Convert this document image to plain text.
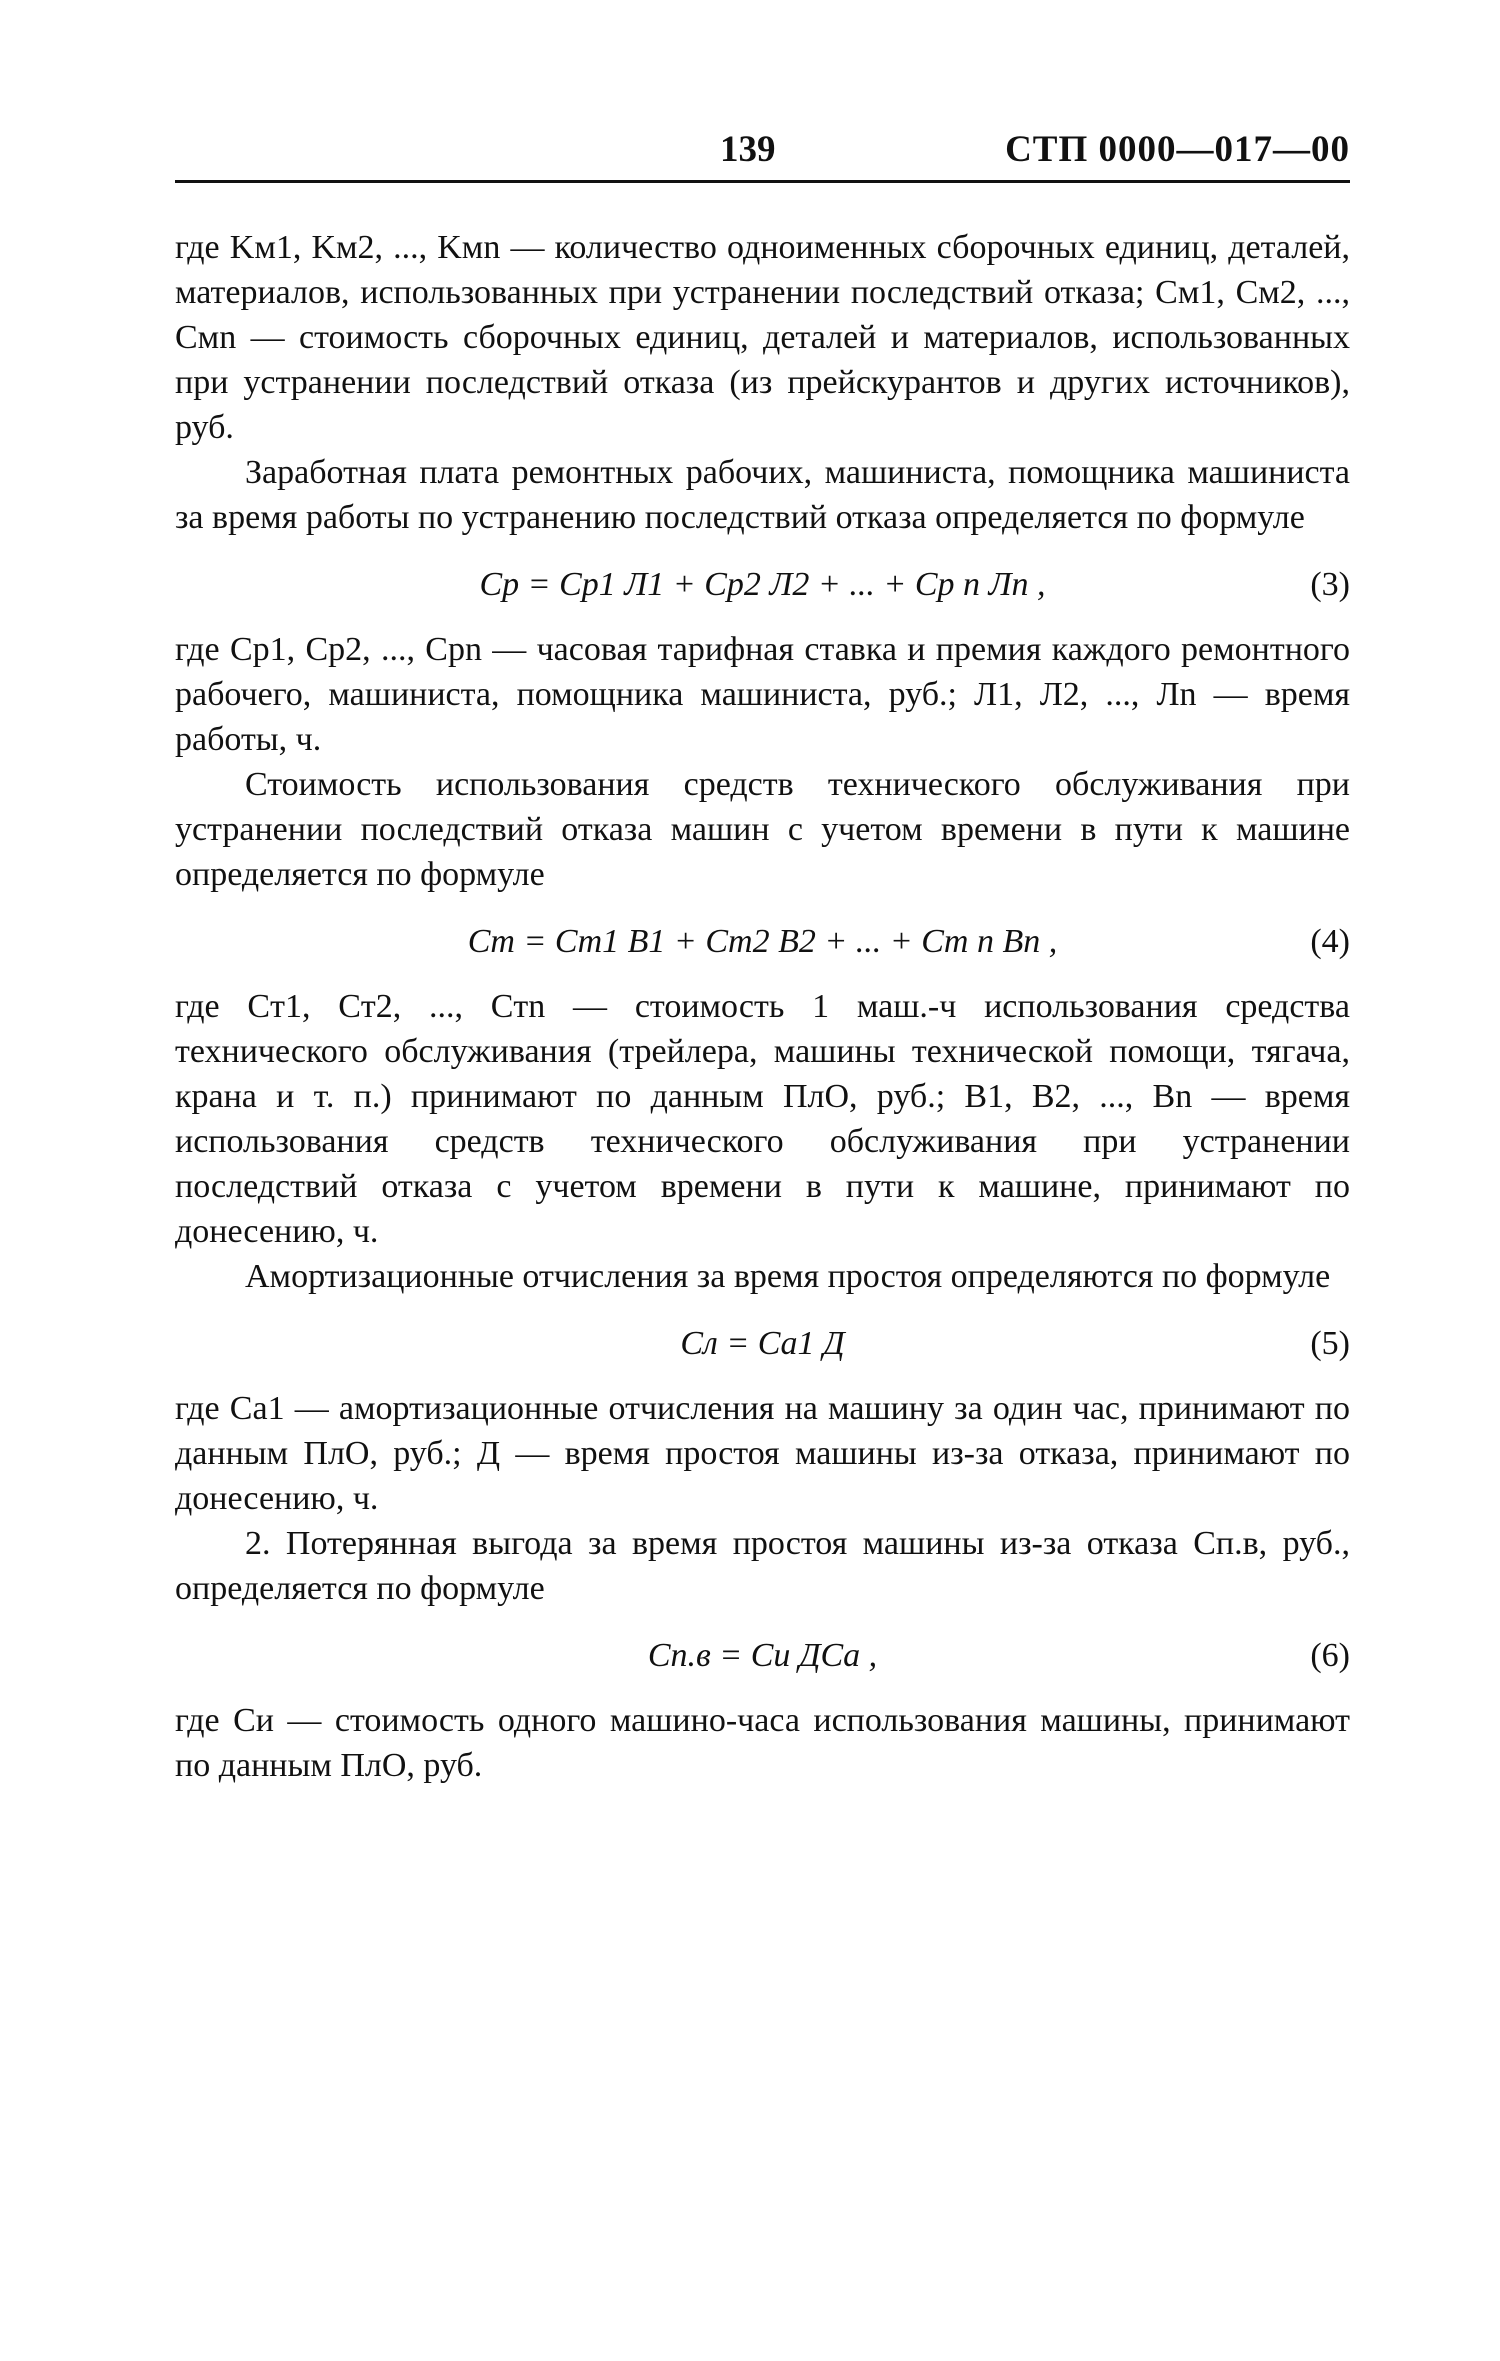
139	СТП 0000—017—00

где Kм1, Kм2, ..., Kмn — количество одноименных сборочных единиц, деталей, материалов, использованных при устранении последствий отказа; Cм1, Cм2, ..., Cмn — стоимость сборочных единиц, деталей и материалов, использованных при устранении последствий отказа (из прейскурантов и других источников), руб.

Заработная плата ремонтных рабочих, машиниста, помощника машиниста за время работы по устранению последствий отказа определяется по формуле

Cр = Cр1 Л1 + Cр2 Л2 + ... + Cр n Лn ,	(3)

где Cр1, Cр2, ..., Cрn — часовая тарифная ставка и премия каждого ремонтного рабочего, машиниста, помощника машиниста, руб.; Л1, Л2, ..., Лn — время работы, ч.

Стоимость использования средств технического обслуживания при устранении последствий отказа машин с учетом времени в пути к машине определяется по формуле

Cт = Cт1 B1 + Cт2 B2 + ... + Cт n Bn ,	(4)

где Cт1, Cт2, ..., Cтn — стоимость 1 маш.-ч использования средства технического обслуживания (трейлера, машины технической помощи, тягача, крана и т. п.) принимают по данным ПлО, руб.; B1, B2, ..., Bn — время использования средств технического обслуживания при устранении последствий отказа с учетом времени в пути к машине, принимают по донесению, ч.

Амортизационные отчисления за время простоя определяются по формуле

Cл = Cа1 Д	(5)

где Cа1 — амортизационные отчисления на машину за один час, принимают по данным ПлО, руб.; Д — время простоя машины из-за отказа, принимают по донесению, ч.

2. Потерянная выгода за время простоя машины из-за отказа Cп.в, руб., определяется по формуле

Cп.в = Cи ДCа ,	(6)

где Cи — стоимость одного машино-часа использования машины, принимают по данным ПлО, руб.
